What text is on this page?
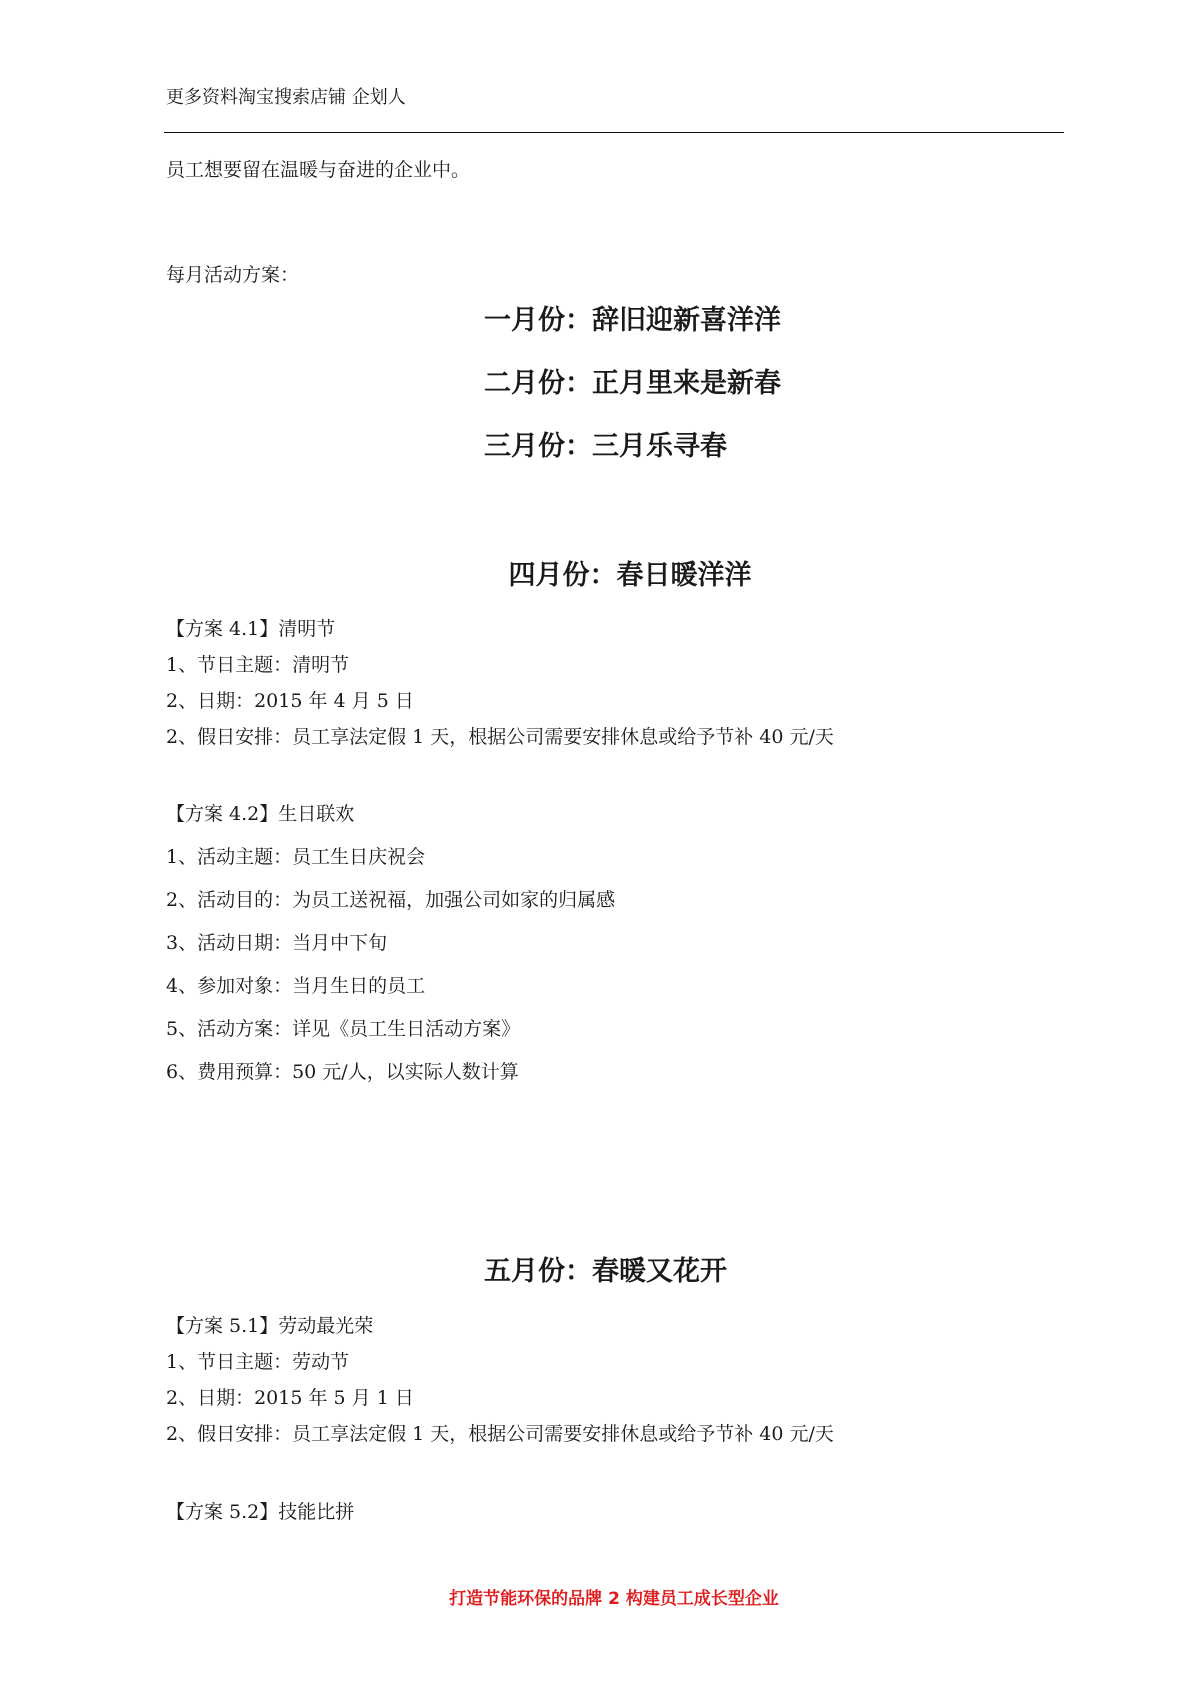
更多资料淘宝搜索店铺 企划人
员工想要留在温暖与奋进的企业中。
每月活动方案：
一月份：辞旧迎新喜洋洋
二月份：正月里来是新春
三月份：三月乐寻春
四月份：春日暖洋洋
【方案 4.1】清明节
1、节日主题：清明节
2、日期：2015 年 4 月 5 日
2、假日安排：员工享法定假 1 天，根据公司需要安排休息或给予节补 40 元/天
【方案 4.2】生日联欢
1、活动主题：员工生日庆祝会
2、活动目的：为员工送祝福，加强公司如家的归属感
3、活动日期：当月中下旬
4、参加对象：当月生日的员工
5、活动方案：详见《员工生日活动方案》
6、费用预算：50 元/人，以实际人数计算
五月份：春暖又花开
【方案 5.1】劳动最光荣
1、节日主题：劳动节
2、日期：2015 年 5 月 1 日
2、假日安排：员工享法定假 1 天，根据公司需要安排休息或给予节补 40 元/天
【方案 5.2】技能比拼
打造节能环保的品牌 2 构建员工成长型企业
